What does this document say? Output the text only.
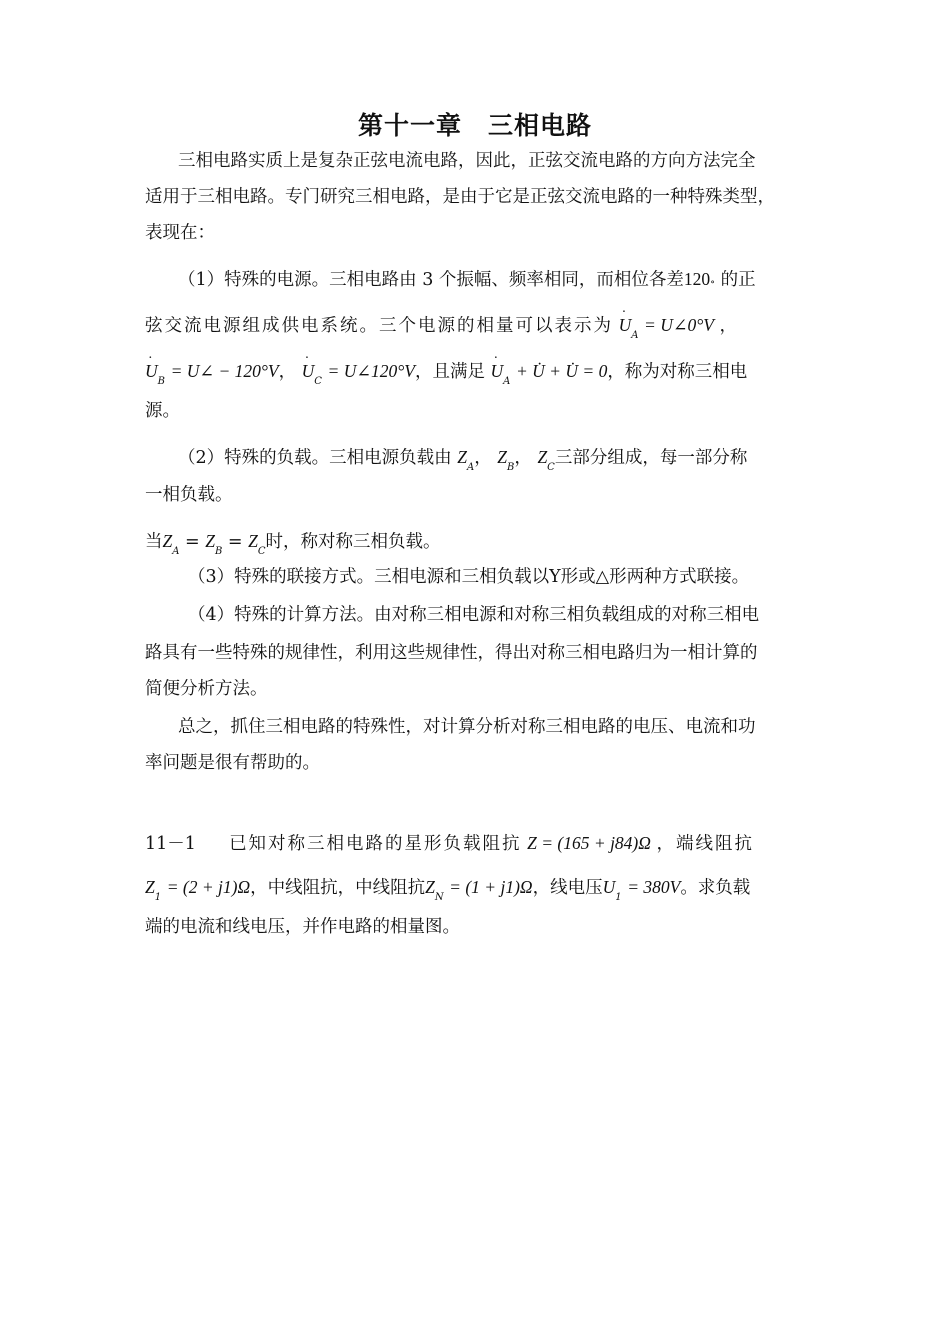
第十一章　三相电路
三相电路实质上是复杂正弦电流电路，因此，正弦交流电路的方向方法完全
适用于三相电路。专门研究三相电路，是由于它是正弦交流电路的一种特殊类型，
表现在：
（1）特殊的电源。三相电路由 3 个振幅、频率相同，而相位各差120∘ 的正
弦交流电源组成供电系统。三个电源的相量可以表示为 · $U_A$ = U∠0°V ，
· $U_B$ = U∠ − 120°V， · $U_C$ = U∠120°V，且满足 · $U_A$ + U̇ + U̇ = 0，称为对称三相电
源。
（2）特殊的负载。三相电源负载由 $Z_A$， $Z_B$， $Z_C$三部分组成，每一部分称
一相负载。
当$Z_A = Z_B = Z_C$时，称对称三相负载。
（3）特殊的联接方式。三相电源和三相负载以Y形或△形两种方式联接。
（4）特殊的计算方法。由对称三相电源和对称三相负载组成的对称三相电
路具有一些特殊的规律性，利用这些规律性，得出对称三相电路归为一相计算的
简便分析方法。
总之，抓住三相电路的特殊性，对计算分析对称三相电路的电压、电流和功
率问题是很有帮助的。
11－1 已知对称三相电路的星形负载阻抗 Z = (165 + j84)Ω ，端线阻抗
$Z_1 = (2 + j1)\Omega$，中线阻抗，中线阻抗$Z_N = (1 + j1)\Omega$，线电压$U_1 = 380V$。求负载
端的电流和线电压，并作电路的相量图。
